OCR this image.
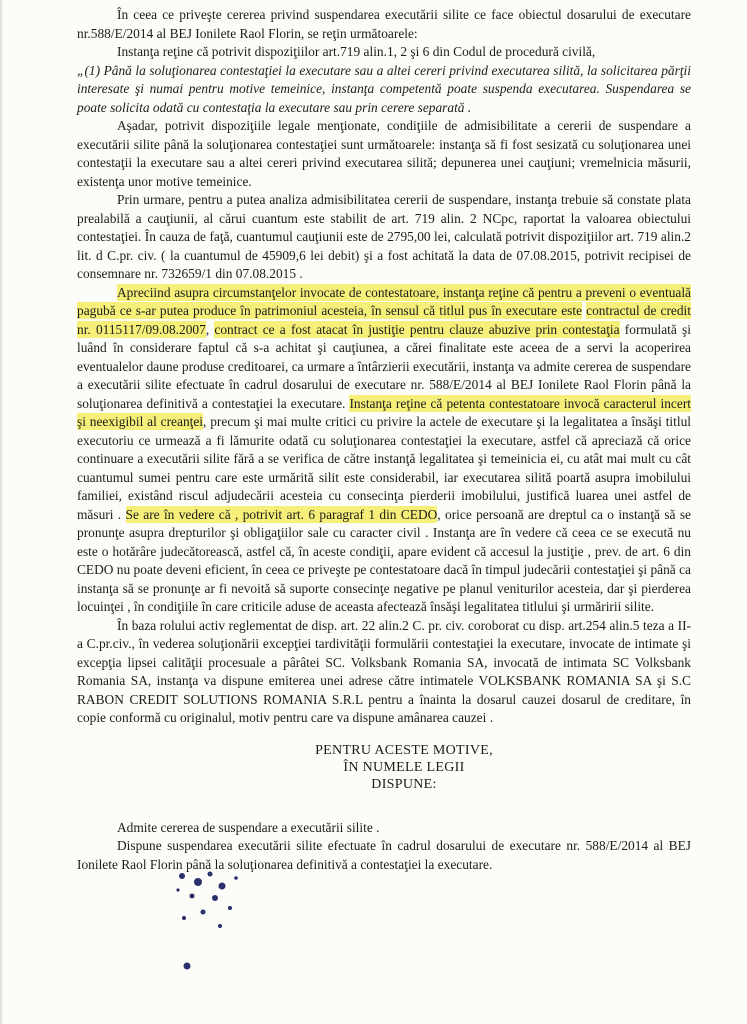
În ceea ce priveşte cererea privind suspendarea executării silite ce face obiectul dosarului de executare nr.588/E/2014 al BEJ Ionilete Raol Florin, se reţin următoarele:

Instanţa reţine că potrivit dispoziţiilor art.719 alin.1, 2 şi 6 din Codul de procedură civilă,

„(1) Până la soluţionarea contestaţiei la executare sau a altei cereri privind executarea silită, la solicitarea părţii interesate şi numai pentru motive temeinice, instanţa competentă poate suspenda executarea. Suspendarea se poate solicita odată cu contestaţia la executare sau prin cerere separată .

Aşadar, potrivit dispoziţiile legale menţionate, condiţiile de admisibilitate a cererii de suspendare a executării silite până la soluţionarea contestaţiei sunt următoarele: instanţa să fi fost sesizată cu soluţionarea unei contestaţii la executare sau a altei cereri privind executarea silită; depunerea unei cauţiuni; vremelnicia măsurii, existenţa unor motive temeinice.

Prin urmare, pentru a putea analiza admisibilitatea cererii de suspendare, instanţa trebuie să constate plata prealabilă a cauţiunii, al cărui cuantum este stabilit de art. 719 alin. 2 NCpc, raportat la valoarea obiectului contestaţiei. În cauza de faţă, cuantumul cauţiunii este de 2795,00 lei, calculată potrivit dispoziţiilor art. 719 alin.2 lit. d C.pr. civ. ( la cuantumul de 45909,6 lei debit) şi a fost achitată la data de 07.08.2015, potrivit recipisei de consemnare nr. 732659/1 din 07.08.2015 .

Apreciind asupra circumstanţelor invocate de contestatoare, instanţa reţine că pentru a preveni o eventuală pagubă ce s-ar putea produce în patrimoniul acesteia, în sensul că titlul pus în executare este contractul de credit nr. 0115117/09.08.2007, contract ce a fost atacat în justiţie pentru clauze abuzive prin contestaţia formulată şi luând în considerare faptul că s-a achitat şi cauţiunea, a cărei finalitate este aceea de a servi la acoperirea eventualelor daune produse creditoarei, ca urmare a întârzierii executării, instanţa va admite cererea de suspendare a executării silite efectuate în cadrul dosarului de executare nr. 588/E/2014 al BEJ Ionilete Raol Florin până la soluţionarea definitivă a contestaţiei la executare. Instanţa reţine că petenta contestatoare invocă caracterul incert şi neexigibil al creanţei, precum şi mai multe critici cu privire la actele de executare şi la legalitatea a însăşi titlul executoriu ce urmează a fi lămurite odată cu soluţionarea contestaţiei la executare, astfel că apreciază că orice continuare a executării silite fără a se verifica de către instanţă legalitatea şi temeinicia ei, cu atât mai mult cu cât cuantumul sumei pentru care este urmărită silit este considerabil, iar executarea silită poartă asupra imobilului familiei, existând riscul adjudecării acesteia cu consecinţa pierderii imobilului, justifică luarea unei astfel de măsuri . Se are în vedere că , potrivit art. 6 paragraf 1 din CEDO, orice persoană are dreptul ca o instanţă să se pronunţe asupra drepturilor şi obligaţiilor sale cu caracter civil . Instanţa are în vedere că ceea ce se execută nu este o hotărâre judecătorească, astfel că, în aceste condiţii, apare evident că accesul la justiţie , prev. de art. 6 din CEDO nu poate deveni eficient, în ceea ce priveşte pe contestatoare dacă în timpul judecării contestaţiei şi până ca instanţa să se pronunţe ar fi nevoită să suporte consecinţe negative pe planul veniturilor acesteia, dar şi pierderea locuinţei , în condiţiile în care criticile aduse de aceasta afectează însăşi legalitatea titlului şi urmăririi silite.

În baza rolului activ reglementat de disp. art. 22 alin.2 C. pr. civ. coroborat cu disp. art.254 alin.5 teza a II-a C.pr.civ., în vederea soluţionării excepţiei tardivităţii formulării contestaţiei la executare, invocate de intimate şi excepţia lipsei calităţii procesuale a pârâtei SC. Volksbank Romania SA, invocată de intimata SC Volksbank Romania SA, instanţa va dispune emiterea unei adrese către intimatele VOLKSBANK ROMANIA SA şi S.C RABON CREDIT SOLUTIONS ROMANIA S.R.L pentru a înainta la dosarul cauzei dosarul de creditare, în copie conformă cu originalul, motiv pentru care va dispune amânarea cauzei .

PENTRU ACESTE MOTIVE,
ÎN NUMELE LEGII
DISPUNE:

Admite cererea de suspendare a executării silite .

Dispune suspendarea executării silite efectuate în cadrul dosarului de executare nr. 588/E/2014 al BEJ Ionilete Raol Florin până la soluţionarea definitivă a contestaţiei la executare.
